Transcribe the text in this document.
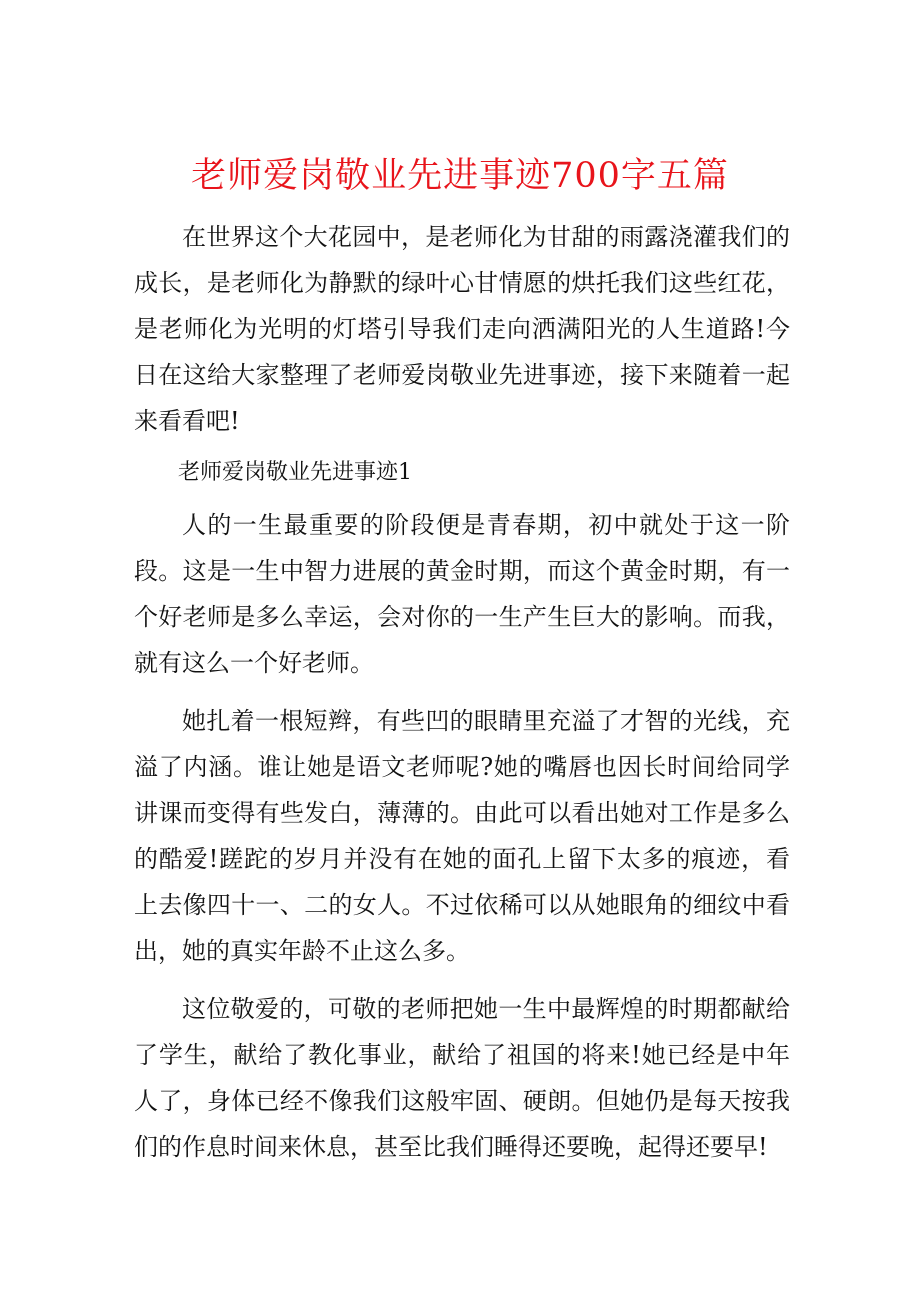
老师爱岗敬业先进事迹700字五篇

在世界这个大花园中，是老师化为甘甜的雨露浇灌我们的成长，是老师化为静默的绿叶心甘情愿的烘托我们这些红花，是老师化为光明的灯塔引导我们走向洒满阳光的人生道路!今日在这给大家整理了老师爱岗敬业先进事迹，接下来随着一起来看看吧!

老师爱岗敬业先进事迹1

人的一生最重要的阶段便是青春期，初中就处于这一阶段。这是一生中智力进展的黄金时期，而这个黄金时期，有一个好老师是多么幸运，会对你的一生产生巨大的影响。而我，就有这么一个好老师。

她扎着一根短辫，有些凹的眼睛里充溢了才智的光线，充溢了内涵。谁让她是语文老师呢?她的嘴唇也因长时间给同学讲课而变得有些发白，薄薄的。由此可以看出她对工作是多么的酷爱!蹉跎的岁月并没有在她的面孔上留下太多的痕迹，看上去像四十一、二的女人。不过依稀可以从她眼角的细纹中看出，她的真实年龄不止这么多。

这位敬爱的，可敬的老师把她一生中最辉煌的时期都献给了学生，献给了教化事业，献给了祖国的将来!她已经是中年人了，身体已经不像我们这般牢固、硬朗。但她仍是每天按我们的作息时间来休息，甚至比我们睡得还要晚，起得还要早!
